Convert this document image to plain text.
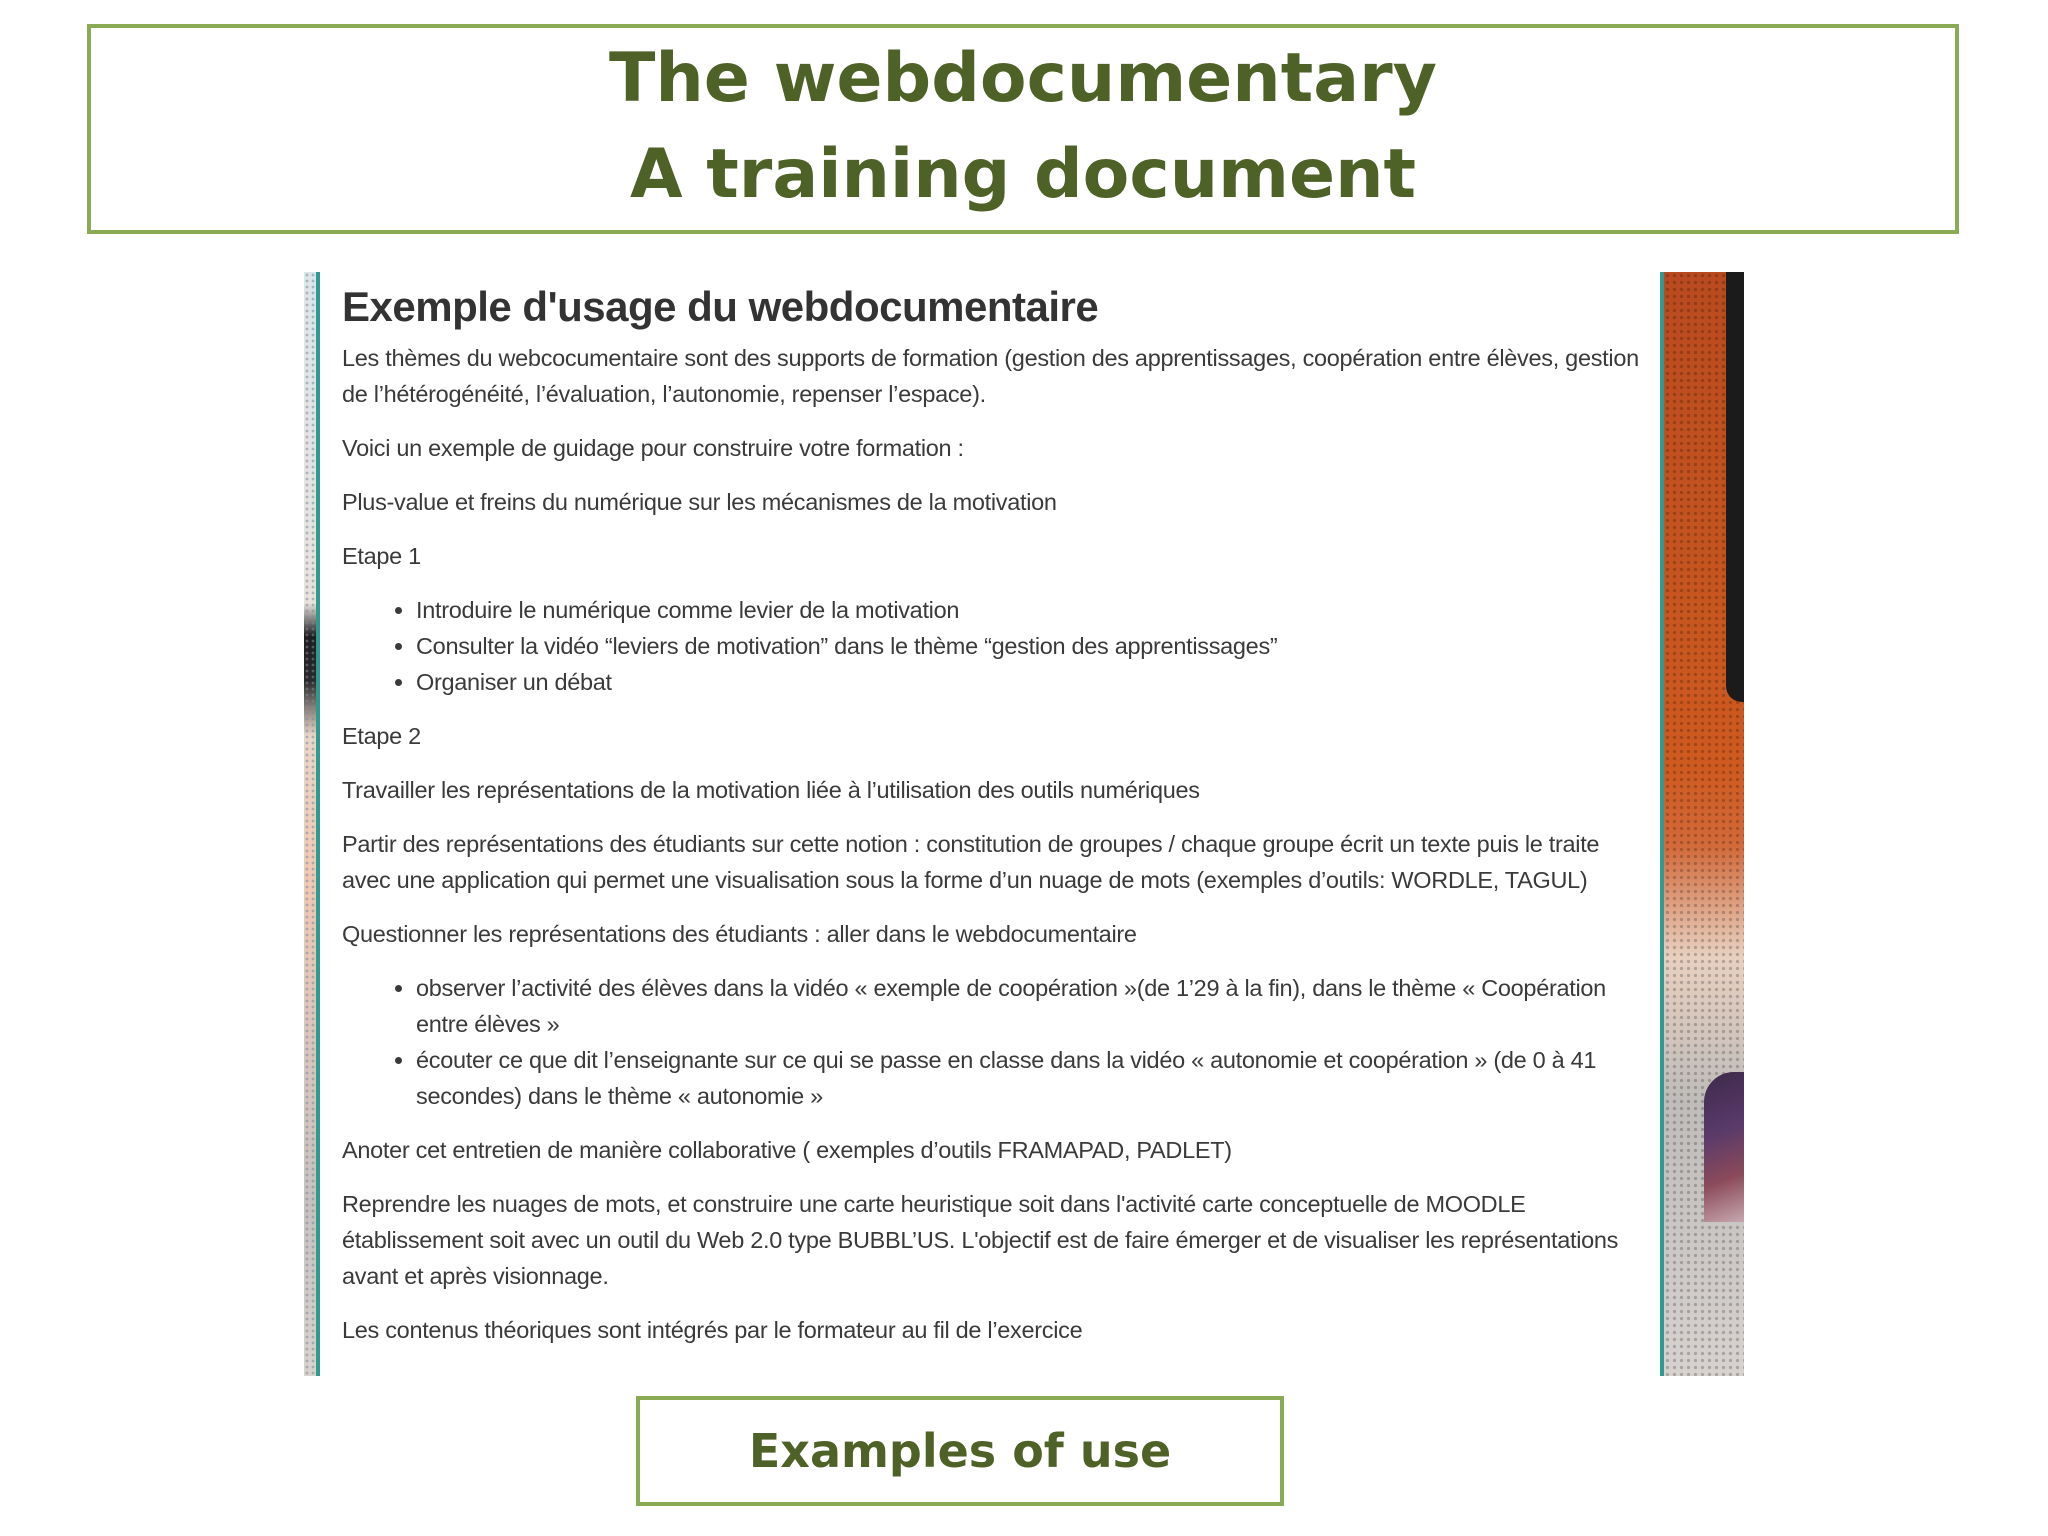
The webdocumentary
A training document
Exemple d'usage du webdocumentaire

Les thèmes du webcocumentaire sont des supports de formation (gestion des apprentissages, coopération entre élèves, gestion de l’hétérogénéité, l’évaluation, l’autonomie, repenser l’espace).

Voici un exemple de guidage pour construire votre formation :

Plus-value et freins du numérique sur les mécanismes de la motivation

Etape 1

• Introduire le numérique comme levier de la motivation
• Consulter la vidéo “leviers de motivation” dans le thème “gestion des apprentissages”
• Organiser un débat

Etape 2

Travailler les représentations de la motivation liée à l’utilisation des outils numériques

Partir des représentations des étudiants sur cette notion : constitution de groupes / chaque groupe écrit un texte puis le traite avec une application qui permet une visualisation sous la forme d’un nuage de mots (exemples d’outils: WORDLE, TAGUL)

Questionner les représentations des étudiants : aller dans le webdocumentaire

• observer l’activité des élèves dans la vidéo « exemple de coopération »(de 1’29 à la fin), dans le thème « Coopération entre élèves »
• écouter ce que dit l’enseignante sur ce qui se passe en classe dans la vidéo « autonomie et coopération » (de 0 à 41 secondes) dans le thème « autonomie »

Anoter cet entretien de manière collaborative ( exemples d’outils FRAMAPAD, PADLET)

Reprendre les nuages de mots, et construire une carte heuristique soit dans l'activité carte conceptuelle de MOODLE établissement soit avec un outil du Web 2.0 type BUBBL’US. L'objectif est de faire émerger et de visualiser les représentations avant et après visionnage.

Les contenus théoriques sont intégrés par le formateur au fil de l’exercice

Examples of use
